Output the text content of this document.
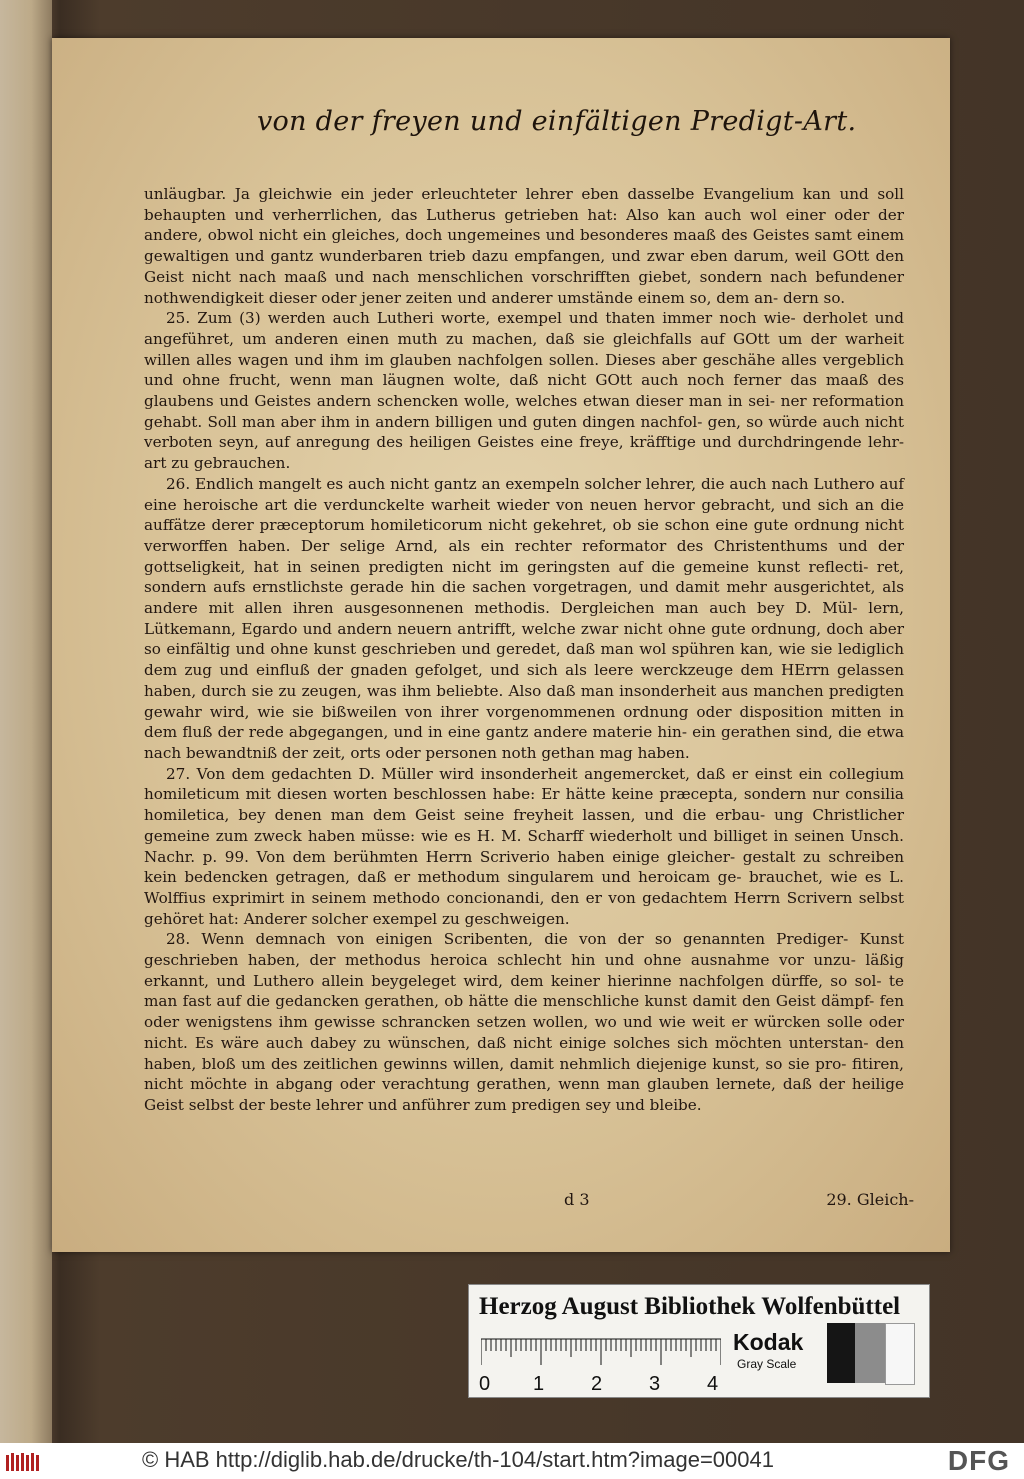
von der freyen und einfältigen Predigt-Art.

unläugbar. Ja gleichwie ein jeder erleuchteter lehrer eben dasselbe Evangelium kan und soll behaupten und verherrlichen, das Lutherus getrieben hat: Also kan auch wol einer oder der andere, obwol nicht ein gleiches, doch ungemeines und besonderes maaß des Geistes samt einem gewaltigen und gantz wunderbaren trieb dazu empfangen, und zwar eben darum, weil GOtt den Geist nicht nach maaß und nach menschlichen vorschrifften giebet, sondern nach befundener nothwendigkeit dieser oder jener zeiten und anderer umstände einem so, dem an- dern so.

25. Zum (3) werden auch Lutheri worte, exempel und thaten immer noch wie- derholet und angeführet, um anderen einen muth zu machen, daß sie gleichfalls auf GOtt um der warheit willen alles wagen und ihm im glauben nachfolgen sollen. Dieses aber geschähe alles vergeblich und ohne frucht, wenn man läugnen wolte, daß nicht GOtt auch noch ferner das maaß des glaubens und Geistes andern schencken wolle, welches etwan dieser man in sei- ner reformation gehabt. Soll man aber ihm in andern billigen und guten dingen nachfol- gen, so würde auch nicht verboten seyn, auf anregung des heiligen Geistes eine freye, kräfftige und durchdringende lehr-art zu gebrauchen.

26. Endlich mangelt es auch nicht gantz an exempeln solcher lehrer, die auch nach Luthero auf eine heroische art die verdunckelte warheit wieder von neuen hervor gebracht, und sich an die auffätze derer præceptorum homileticorum nicht gekehret, ob sie schon eine gute ordnung nicht verworffen haben. Der selige Arnd, als ein rechter reformator des Christenthums und der gottseligkeit, hat in seinen predigten nicht im geringsten auf die gemeine kunst reflecti- ret, sondern aufs ernstlichste gerade hin die sachen vorgetragen, und damit mehr ausgerichtet, als andere mit allen ihren ausgesonnenen methodis. Dergleichen man auch bey D. Mül- lern, Lütkemann, Egardo und andern neuern antrifft, welche zwar nicht ohne gute ordnung, doch aber so einfältig und ohne kunst geschrieben und geredet, daß man wol spühren kan, wie sie lediglich dem zug und einfluß der gnaden gefolget, und sich als leere werckzeuge dem HErrn gelassen haben, durch sie zu zeugen, was ihm beliebte. Also daß man insonderheit aus manchen predigten gewahr wird, wie sie bißweilen von ihrer vorgenommenen ordnung oder disposition mitten in dem fluß der rede abgegangen, und in eine gantz andere materie hin- ein gerathen sind, die etwa nach bewandtniß der zeit, orts oder personen noth gethan mag haben.

27. Von dem gedachten D. Müller wird insonderheit angemercket, daß er einst ein collegium homileticum mit diesen worten beschlossen habe: Er hätte keine præcepta, sondern nur consilia homiletica, bey denen man dem Geist seine freyheit lassen, und die erbau- ung Christlicher gemeine zum zweck haben müsse: wie es H. M. Scharff wiederholt und billiget in seinen Unsch. Nachr. p. 99. Von dem berühmten Herrn Scriverio haben einige gleicher- gestalt zu schreiben kein bedencken getragen, daß er methodum singularem und heroicam ge- brauchet, wie es L. Wolffius exprimirt in seinem methodo concionandi, den er von gedachtem Herrn Scrivern selbst gehöret hat: Anderer solcher exempel zu geschweigen.

28. Wenn demnach von einigen Scribenten, die von der so genannten Prediger- Kunst geschrieben haben, der methodus heroica schlecht hin und ohne ausnahme vor unzu- läßig erkannt, und Luthero allein beygeleget wird, dem keiner hierinne nachfolgen dürffe, so sol- te man fast auf die gedancken gerathen, ob hätte die menschliche kunst damit den Geist dämpf- fen oder wenigstens ihm gewisse schrancken setzen wollen, wo und wie weit er würcken solle oder nicht. Es wäre auch dabey zu wünschen, daß nicht einige solches sich möchten unterstan- den haben, bloß um des zeitlichen gewinns willen, damit nehmlich diejenige kunst, so sie pro- fitiren, nicht möchte in abgang oder verachtung gerathen, wenn man glauben lernete, daß der heilige Geist selbst der beste lehrer und anführer zum predigen sey und bleibe.

d 3	29. Gleich-
Herzog August Bibliothek Wolfenbüttel
0 1 2 3 4
Kodak
Gray Scale
© HAB http://diglib.hab.de/drucke/th-104/start.htm?image=00041	DFG
